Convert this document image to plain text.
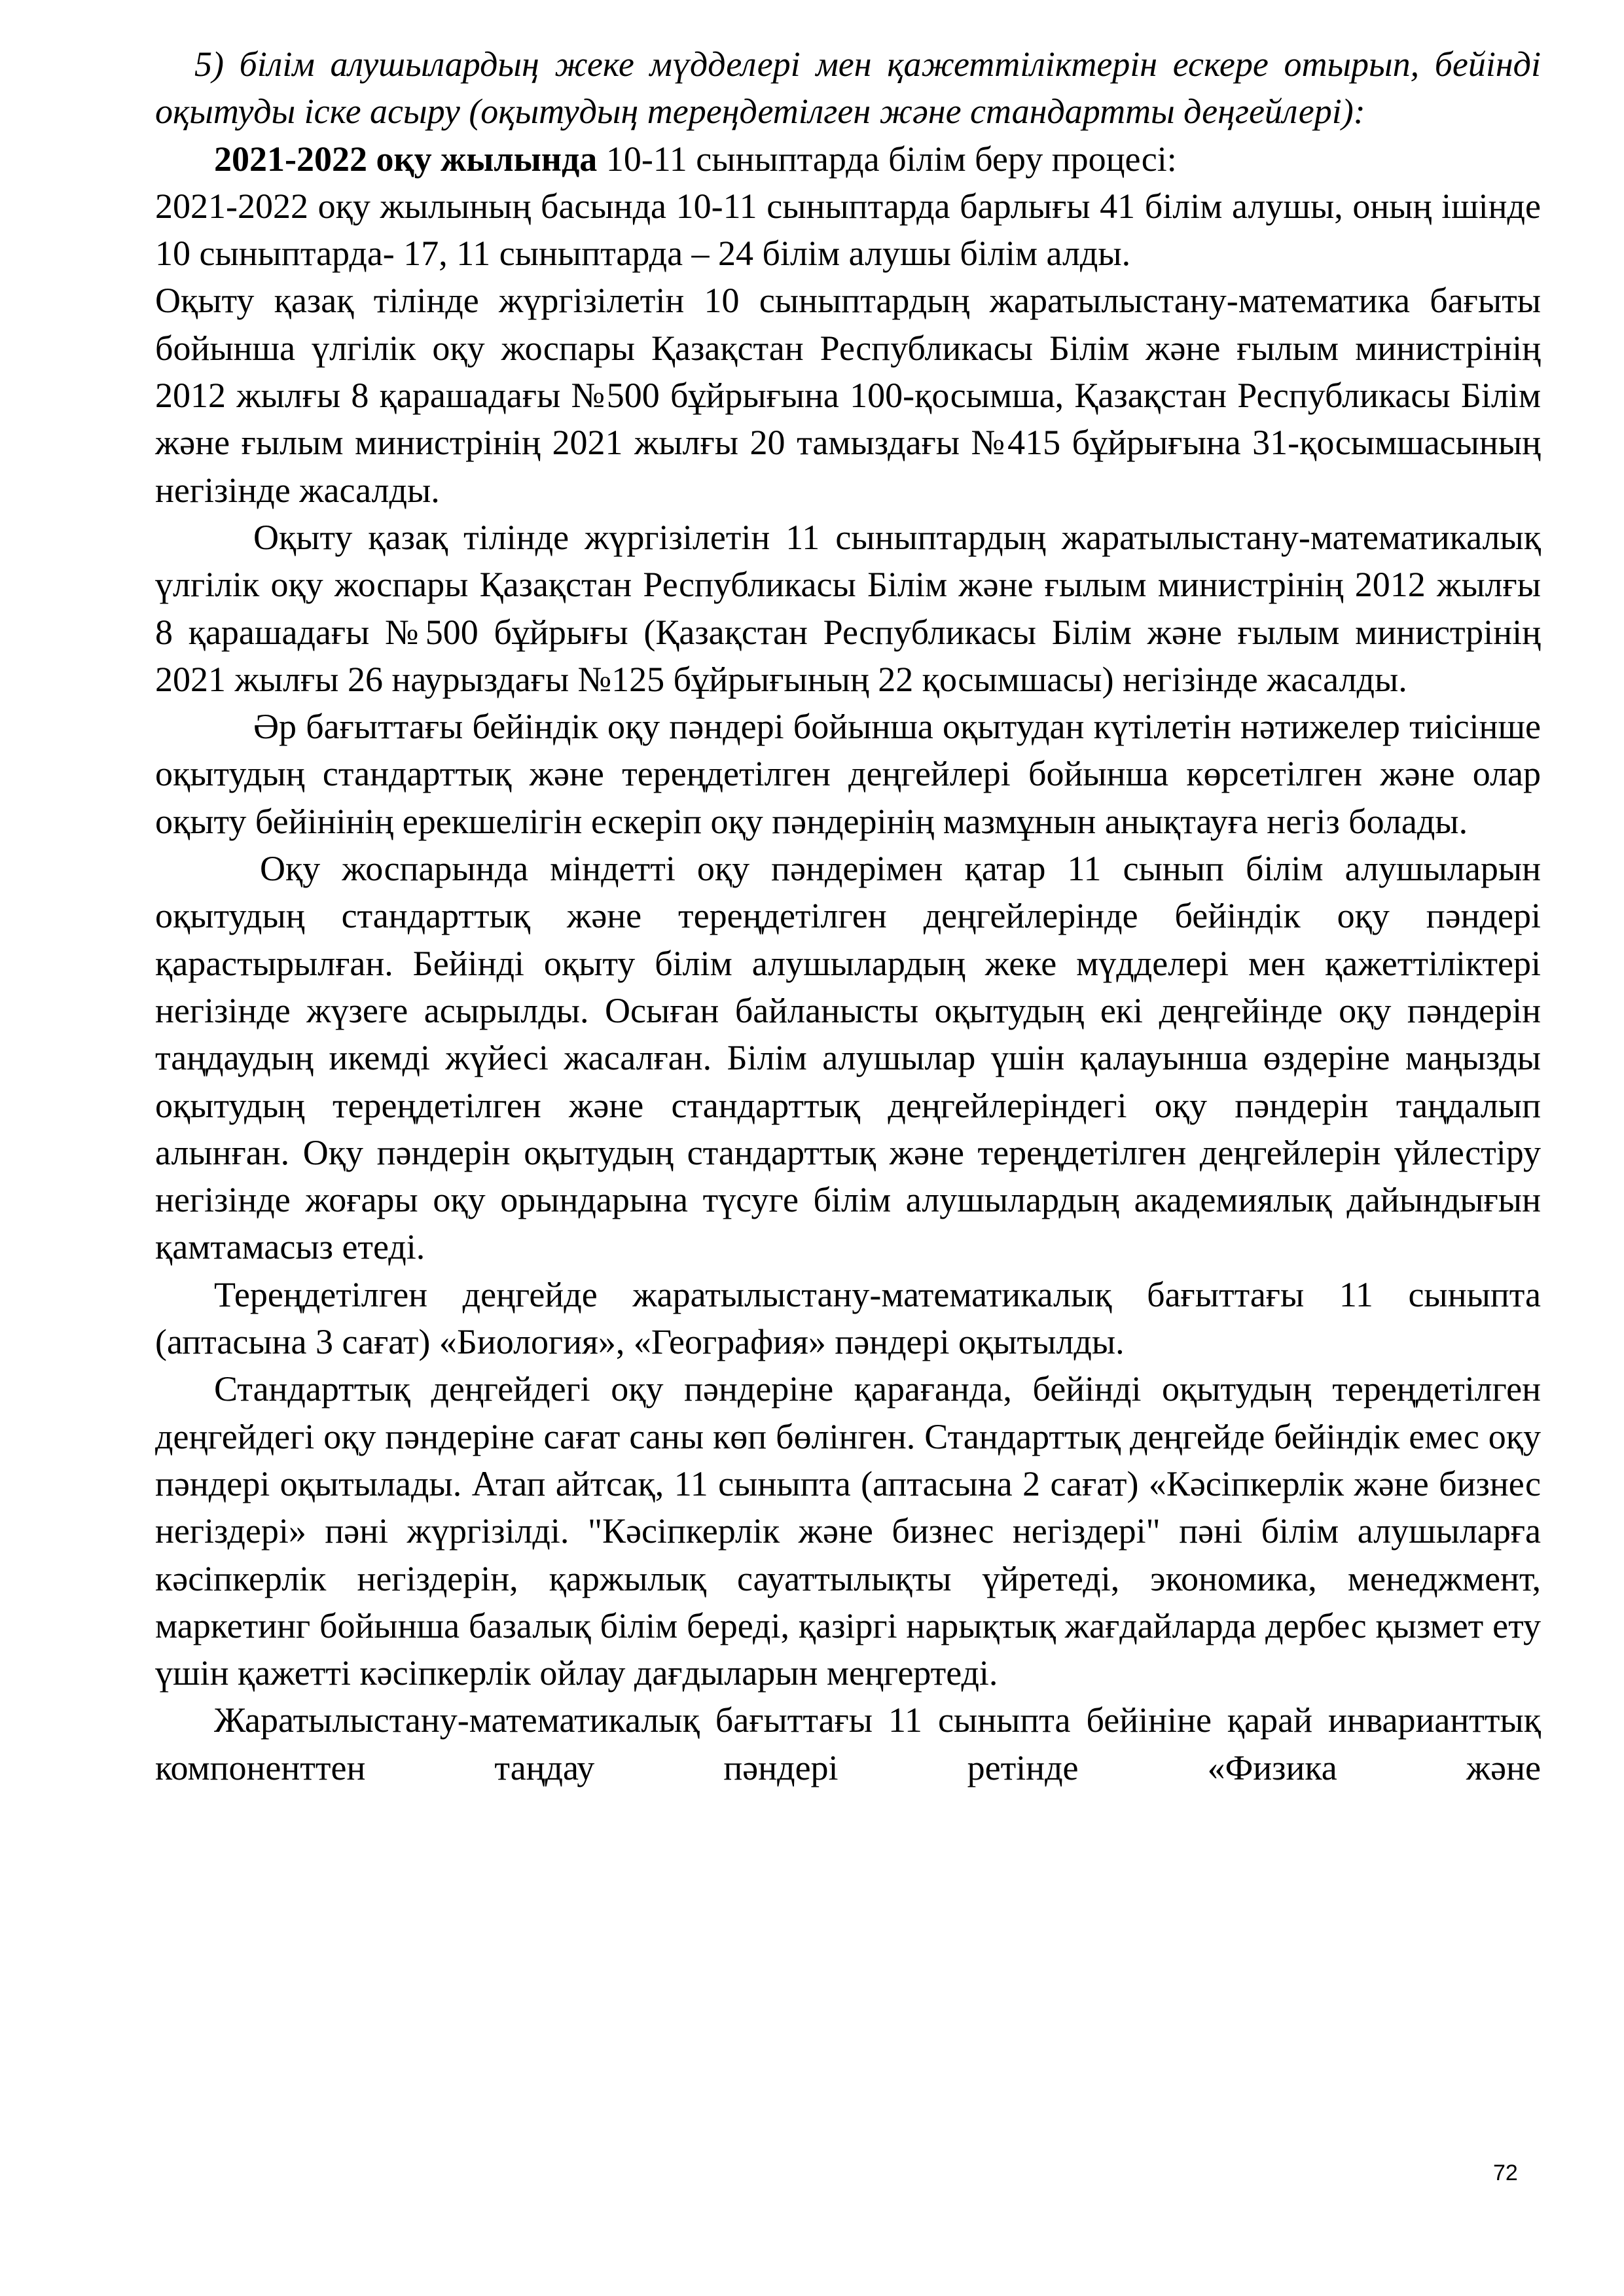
5) білім алушылардың жеке мүдделері мен қажеттіліктерін ескере отырып, бейінді оқытуды іске асыру (оқытудың тереңдетілген және стандартты деңгейлері):

2021-2022 оқу жылында 10-11 сыныптарда білім беру процесі:

2021-2022 оқу жылының басында 10-11 сыныптарда барлығы 41 білім алушы, оның ішінде 10 сыныптарда- 17, 11 сыныптарда – 24 білім алушы білім алды.

Оқыту қазақ тілінде жүргізілетін 10 сыныптардың жаратылыстану-математика бағыты бойынша үлгілік оқу жоспары Қазақстан Республикасы Білім және ғылым министрінің 2012 жылғы 8 қарашадағы №500 бұйрығына 100-қосымша, Қазақстан Республикасы Білім және ғылым министрінің 2021 жылғы 20 тамыздағы №415 бұйрығына 31-қосымшасының негізінде жасалды.

Оқыту қазақ тілінде жүргізілетін 11 сыныптардың жаратылыстану-математикалық үлгілік оқу жоспары Қазақстан Республикасы Білім және ғылым министрінің 2012 жылғы 8 қарашадағы №500 бұйрығы (Қазақстан Республикасы Білім және ғылым министрінің 2021 жылғы 26 наурыздағы №125 бұйрығының 22 қосымшасы) негізінде жасалды.

Әр бағыттағы бейіндік оқу пәндері бойынша оқытудан күтілетін нәтижелер тиісінше оқытудың стандарттық және тереңдетілген деңгейлері бойынша көрсетілген және олар оқыту бейінінің ерекшелігін ескеріп оқу пәндерінің мазмұнын анықтауға негіз болады.

Оқу жоспарында міндетті оқу пәндерімен қатар 11 сынып білім алушыларын оқытудың стандарттық және тереңдетілген деңгейлерінде бейіндік оқу пәндері қарастырылған. Бейінді оқыту білім алушылардың жеке мүдделері мен қажеттіліктері негізінде жүзеге асырылды. Осыған байланысты оқытудың екі деңгейінде оқу пәндерін таңдаудың икемді жүйесі жасалған. Білім алушылар үшін қалауынша өздеріне маңызды оқытудың тереңдетілген және стандарттық деңгейлеріндегі оқу пәндерін таңдалып алынған. Оқу пәндерін оқытудың стандарттық және тереңдетілген деңгейлерін үйлестіру негізінде жоғары оқу орындарына түсуге білім алушылардың академиялық дайындығын қамтамасыз етеді.

Тереңдетілген деңгейде жаратылыстану-математикалық бағыттағы 11 сыныпта (аптасына 3 сағат) «Биология», «География» пәндері оқытылды.

Стандарттық деңгейдегі оқу пәндеріне қарағанда, бейінді оқытудың тереңдетілген деңгейдегі оқу пәндеріне сағат саны көп бөлінген. Стандарттық деңгейде бейіндік емес оқу пәндері оқытылады. Атап айтсақ, 11 сыныпта (аптасына 2 сағат) «Кәсіпкерлік және бизнес негіздері» пәні жүргізілді. "Кәсіпкерлік және бизнес негіздері" пәні білім алушыларға кәсіпкерлік негіздерін, қаржылық сауаттылықты үйретеді, экономика, менеджмент, маркетинг бойынша базалық білім береді, қазіргі нарықтық жағдайларда дербес қызмет ету үшін қажетті кәсіпкерлік ойлау дағдыларын меңгертеді.

Жаратылыстану-математикалық бағыттағы 11 сыныпта бейініне қарай инварианттық компоненттен таңдау пәндері ретінде «Физика және

72
